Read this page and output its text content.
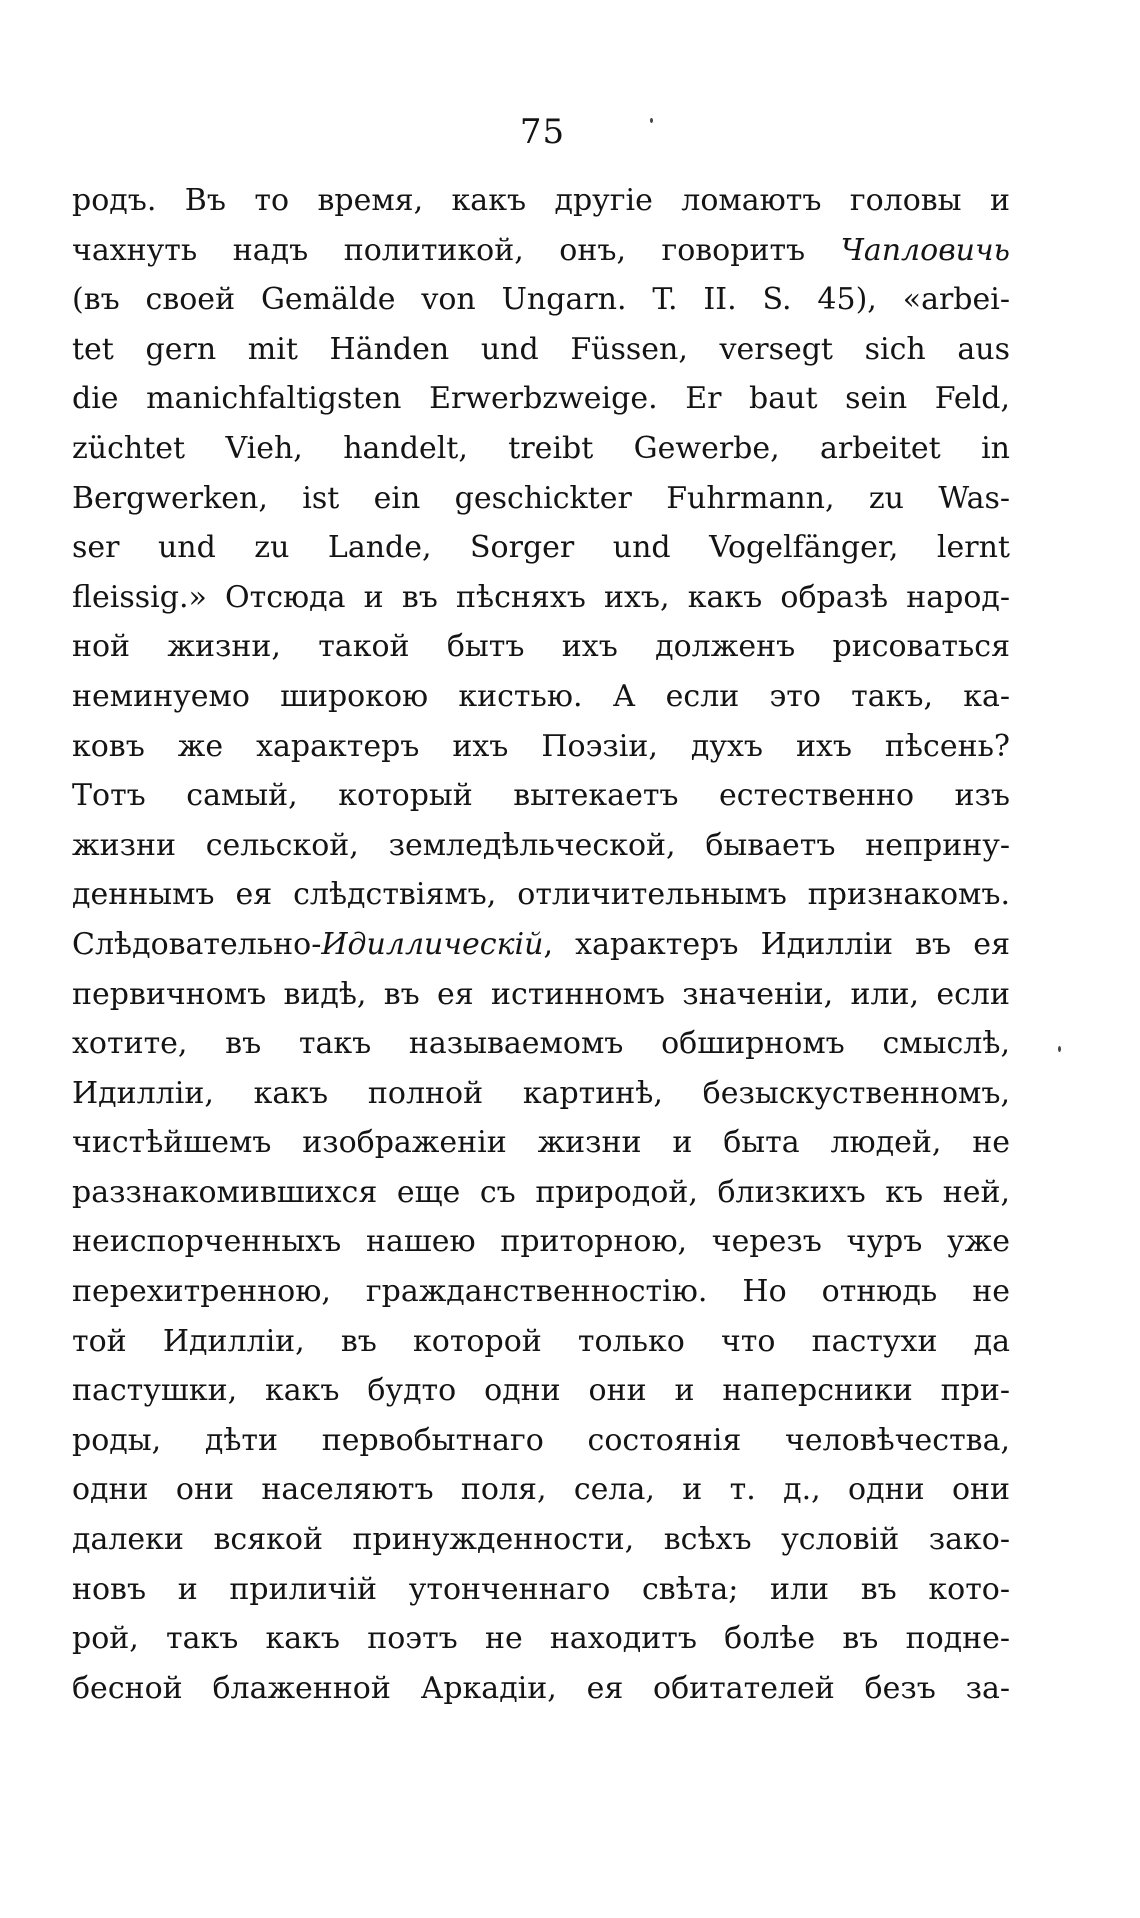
75
родъ. Въ то время, какъ другіе ломаютъ головы и
чахнуть надъ политикой, онъ, говоритъ Чапловичь
(въ своей Gemälde von Ungarn. T. II. S. 45), «arbei-
tet gern mit Händen und Füssen, versegt sich aus
die manichfaltigsten Erwerbzweige. Er baut sein Feld,
züchtet Vieh, handelt, treibt Gewerbe, arbeitet in
Bergwerken, ist ein geschickter Fuhrmann, zu Was-
ser und zu Lande, Sorger und Vogelfänger, lernt
fleissig.» Отсюда и въ пѣсняхъ ихъ, какъ образѣ народ-
ной жизни, такой бытъ ихъ долженъ рисоваться
неминуемо широкою кистью. А если это такъ, ка-
ковъ же характеръ ихъ Поэзіи, духъ ихъ пѣсень?
Тотъ самый, который вытекаетъ естественно изъ
жизни сельской, земледѣльческой, бываетъ неприну-
деннымъ ея слѣдствіямъ, отличительнымъ признакомъ.
Слѣдовательно-Идиллическій, характеръ Идилліи въ ея
первичномъ видѣ, въ ея истинномъ значеніи, или, если
хотите, въ такъ называемомъ обширномъ смыслѣ,
Идилліи, какъ полной картинѣ, безыскуственномъ,
чистѣйшемъ изображеніи жизни и быта людей, не
раззнакомившихся еще съ природой, близкихъ къ ней,
неиспорченныхъ нашею приторною, черезъ чуръ уже
перехитренною, гражданственностію. Но отнюдь не
той Идилліи, въ которой только что пастухи да
пастушки, какъ будто одни они и наперсники при-
роды, дѣти первобытнаго состоянія человѣчества,
одни они населяютъ поля, села, и т. д., одни они
далеки всякой принужденности, всѣхъ условій зако-
новъ и приличій утонченнаго свѣта; или въ кото-
рой, такъ какъ поэтъ не находитъ болѣе въ подне-
бесной блаженной Аркадіи, ея обитателей безъ за-
